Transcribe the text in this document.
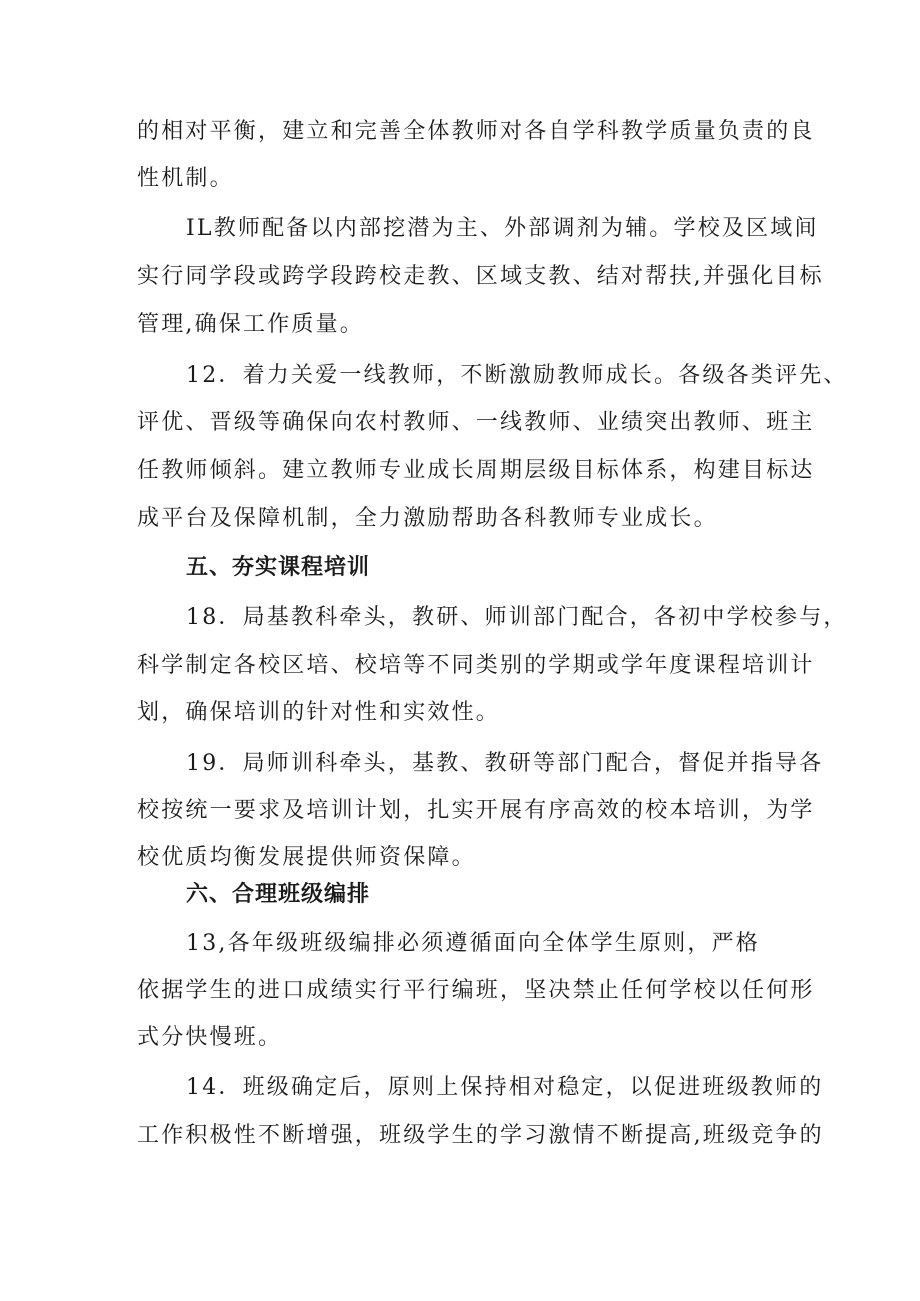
的相对平衡，建立和完善全体教师对各自学科教学质量负责的良
性机制。
IL教师配备以内部挖潜为主、外部调剂为辅。学校及区域间
实行同学段或跨学段跨校走教、区域支教、结对帮扶,并强化目标
管理,确保工作质量。
12．着力关爱一线教师，不断激励教师成长。各级各类评先、
评优、晋级等确保向农村教师、一线教师、业绩突出教师、班主
任教师倾斜。建立教师专业成长周期层级目标体系，构建目标达
成平台及保障机制，全力激励帮助各科教师专业成长。
五、夯实课程培训
18．局基教科牵头，教研、师训部门配合，各初中学校参与，
科学制定各校区培、校培等不同类别的学期或学年度课程培训计
划，确保培训的针对性和实效性。
19．局师训科牵头，基教、教研等部门配合，督促并指导各
校按统一要求及培训计划，扎实开展有序高效的校本培训，为学
校优质均衡发展提供师资保障。
六、合理班级编排
13,各年级班级编排必须遵循面向全体学生原则，严格
依据学生的进口成绩实行平行编班，坚决禁止任何学校以任何形
式分快慢班。
14．班级确定后，原则上保持相对稳定，以促进班级教师的
工作积极性不断增强，班级学生的学习激情不断提高,班级竞争的
